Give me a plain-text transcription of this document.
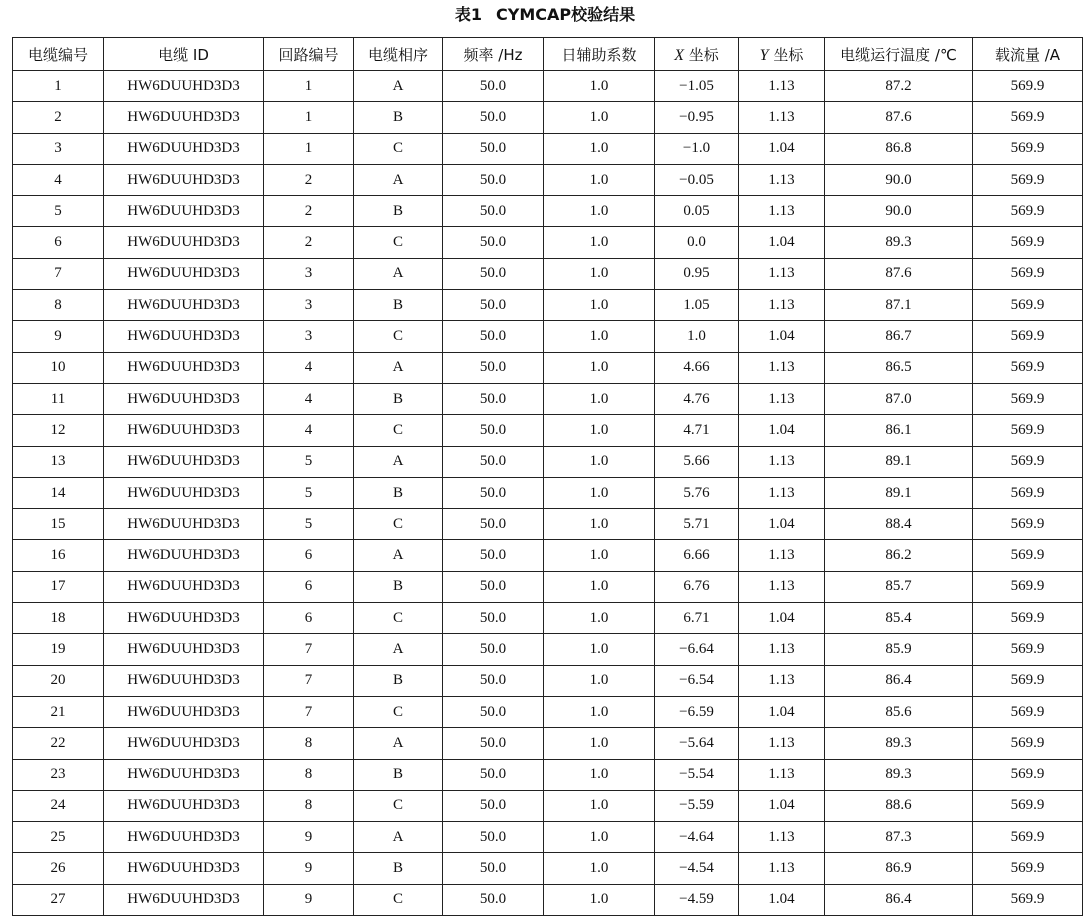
表1 CYMCAP校验结果
电缆编号	电缆 ID	回路编号	电缆相序	频率 /Hz	日辅助系数	X 坐标	Y 坐标	电缆运行温度 /℃	载流量 /A
1	HW6DUUHD3D3	1	A	50.0	1.0	−1.05	1.13	87.2	569.9
2	HW6DUUHD3D3	1	B	50.0	1.0	−0.95	1.13	87.6	569.9
3	HW6DUUHD3D3	1	C	50.0	1.0	−1.0	1.04	86.8	569.9
4	HW6DUUHD3D3	2	A	50.0	1.0	−0.05	1.13	90.0	569.9
5	HW6DUUHD3D3	2	B	50.0	1.0	0.05	1.13	90.0	569.9
6	HW6DUUHD3D3	2	C	50.0	1.0	0.0	1.04	89.3	569.9
7	HW6DUUHD3D3	3	A	50.0	1.0	0.95	1.13	87.6	569.9
8	HW6DUUHD3D3	3	B	50.0	1.0	1.05	1.13	87.1	569.9
9	HW6DUUHD3D3	3	C	50.0	1.0	1.0	1.04	86.7	569.9
10	HW6DUUHD3D3	4	A	50.0	1.0	4.66	1.13	86.5	569.9
11	HW6DUUHD3D3	4	B	50.0	1.0	4.76	1.13	87.0	569.9
12	HW6DUUHD3D3	4	C	50.0	1.0	4.71	1.04	86.1	569.9
13	HW6DUUHD3D3	5	A	50.0	1.0	5.66	1.13	89.1	569.9
14	HW6DUUHD3D3	5	B	50.0	1.0	5.76	1.13	89.1	569.9
15	HW6DUUHD3D3	5	C	50.0	1.0	5.71	1.04	88.4	569.9
16	HW6DUUHD3D3	6	A	50.0	1.0	6.66	1.13	86.2	569.9
17	HW6DUUHD3D3	6	B	50.0	1.0	6.76	1.13	85.7	569.9
18	HW6DUUHD3D3	6	C	50.0	1.0	6.71	1.04	85.4	569.9
19	HW6DUUHD3D3	7	A	50.0	1.0	−6.64	1.13	85.9	569.9
20	HW6DUUHD3D3	7	B	50.0	1.0	−6.54	1.13	86.4	569.9
21	HW6DUUHD3D3	7	C	50.0	1.0	−6.59	1.04	85.6	569.9
22	HW6DUUHD3D3	8	A	50.0	1.0	−5.64	1.13	89.3	569.9
23	HW6DUUHD3D3	8	B	50.0	1.0	−5.54	1.13	89.3	569.9
24	HW6DUUHD3D3	8	C	50.0	1.0	−5.59	1.04	88.6	569.9
25	HW6DUUHD3D3	9	A	50.0	1.0	−4.64	1.13	87.3	569.9
26	HW6DUUHD3D3	9	B	50.0	1.0	−4.54	1.13	86.9	569.9
27	HW6DUUHD3D3	9	C	50.0	1.0	−4.59	1.04	86.4	569.9
